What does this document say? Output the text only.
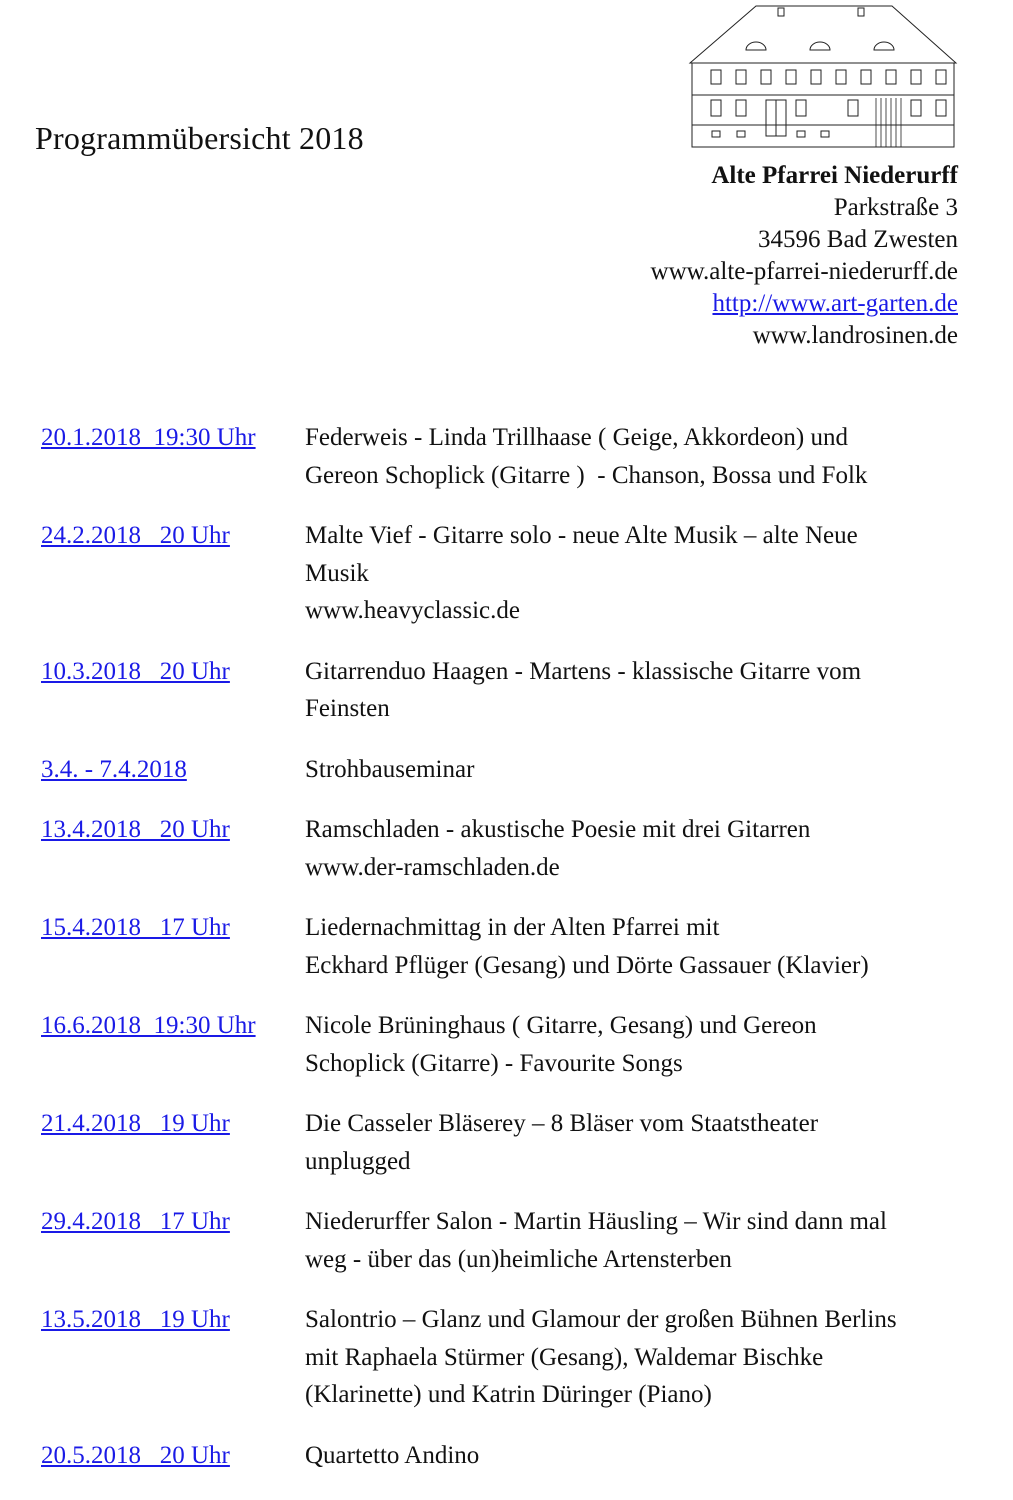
Programmübersicht 2018
Alte Pfarrei Niederurff
Parkstraße 3
34596 Bad Zwesten
www.alte-pfarrei-niederurff.de
http://www.art-garten.de
www.landrosinen.de
20.1.2018  19:30 Uhr	Federweis - Linda Trillhaase ( Geige, Akkordeon) und
Gereon Schoplick (Gitarre )  - Chanson, Bossa und Folk
24.2.2018   20 Uhr	Malte Vief - Gitarre solo - neue Alte Musik – alte Neue
Musik
www.heavyclassic.de
10.3.2018   20 Uhr	Gitarrenduo Haagen - Martens - klassische Gitarre vom
Feinsten
3.4. - 7.4.2018	Strohbauseminar
13.4.2018   20 Uhr	Ramschladen - akustische Poesie mit drei Gitarren
www.der-ramschladen.de
15.4.2018   17 Uhr	Liedernachmittag in der Alten Pfarrei mit
Eckhard Pflüger (Gesang) und Dörte Gassauer (Klavier)
16.6.2018  19:30 Uhr	Nicole Brüninghaus ( Gitarre, Gesang) und Gereon
Schoplick (Gitarre) - Favourite Songs
21.4.2018   19 Uhr	Die Casseler Bläserey – 8 Bläser vom Staatstheater
unplugged
29.4.2018   17 Uhr	Niederurffer Salon - Martin Häusling – Wir sind dann mal
weg - über das (un)heimliche Artensterben
13.5.2018   19 Uhr	Salontrio – Glanz und Glamour der großen Bühnen Berlins
mit Raphaela Stürmer (Gesang), Waldemar Bischke
(Klarinette) und Katrin Düringer (Piano)
20.5.2018   20 Uhr	Quartetto Andino
